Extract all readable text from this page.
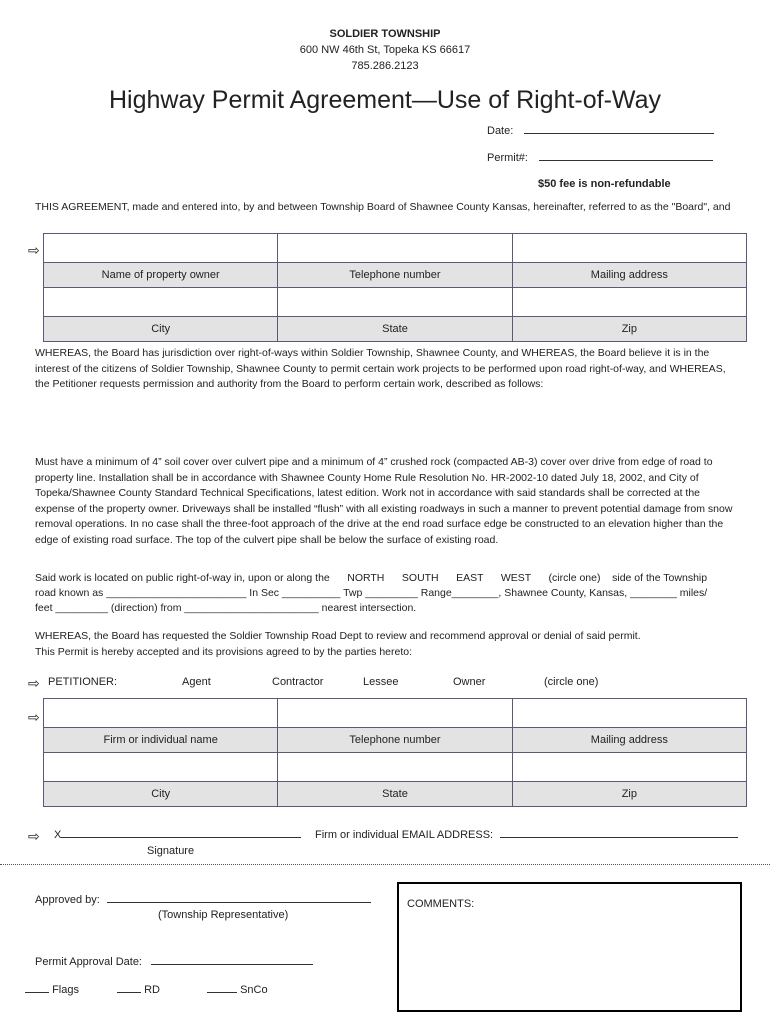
SOLDIER TOWNSHIP
600 NW 46th St, Topeka KS 66617
785.286.2123
Highway Permit Agreement—Use of Right-of-Way
Date:
Permit#:
$50 fee is non-refundable
THIS AGREEMENT, made and entered into, by and between Township Board of Shawnee County Kansas, hereinafter, referred to as the "Board", and
⇨

Name of property owner	Telephone number	Mailing address

City	State	Zip
WHEREAS, the Board has jurisdiction over right-of-ways within Soldier Township, Shawnee County, and WHEREAS, the Board believe it is in the interest of the citizens of Soldier Township, Shawnee County to permit certain work projects to be performed upon road right-of-way, and WHEREAS, the Petitioner requests permission and authority from the Board to perform certain work, described as follows:
Must have a minimum of 4” soil cover over culvert pipe and a minimum of 4” crushed rock (compacted AB-3) cover over drive from edge of road to property line. Installation shall be in accordance with Shawnee County Home Rule Resolution No. HR-2002-10 dated July 18, 2002, and City of Topeka/Shawnee County Standard Technical Specifications, latest edition. Work not in accordance with said standards shall be corrected at the expense of the property owner. Driveways shall be installed “flush” with all existing roadways in such a manner to prevent potential damage from snow removal operations. In no case shall the three-foot approach of the drive at the end road surface edge be constructed to an elevation higher than the edge of existing road surface. The top of the culvert pipe shall be below the surface of existing road.
Said work is located on public right-of-way in, upon or along the      NORTH      SOUTH      EAST      WEST      (circle one)    side of the Township
road known as ________________________ In Sec __________ Twp _________ Range________, Shawnee County, Kansas, ________ miles/
feet _________ (direction) from _______________________ nearest intersection.
WHEREAS, the Board has requested the Soldier Township Road Dept to review and recommend approval or denial of said permit.
This Permit is hereby accepted and its provisions agreed to by the parties hereto:
⇨ PETITIONER:	Agent	Contractor	Lessee	Owner	(circle one)
⇨

Firm or individual name	Telephone number	Mailing address

City	State	Zip
⇨ X
Signature
Firm or individual EMAIL ADDRESS:
Approved by:
(Township Representative)
Permit Approval Date:
Flags	RD	SnCo
COMMENTS:
